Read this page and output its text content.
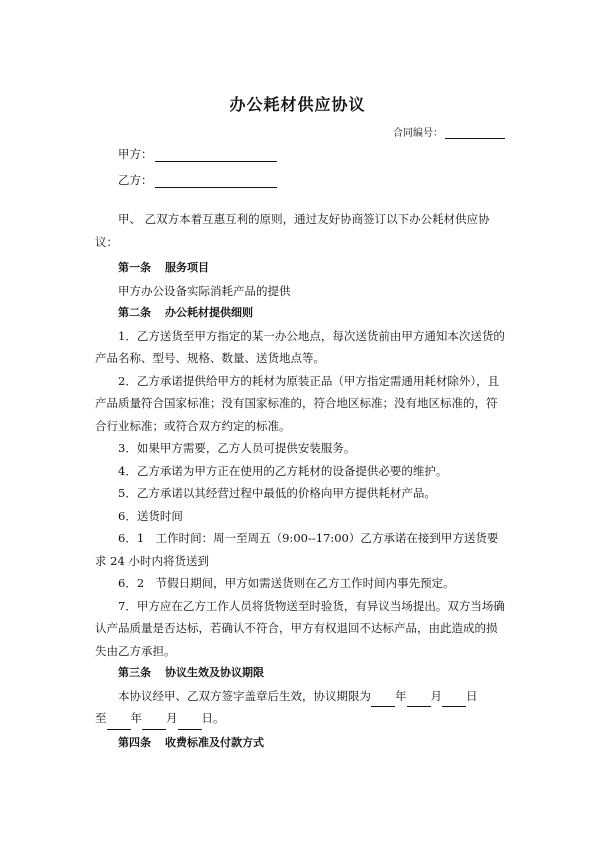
办公耗材供应协议
合同编号：
甲方：
乙方：

甲、 乙双方本着互惠互利的原则，通过友好协商签订以下办公耗材供应协议：

第一条 服务项目

甲方办公设备实际消耗产品的提供

第二条 办公耗材提供细则

1．乙方送货至甲方指定的某一办公地点，每次送货前由甲方通知本次送货的产品名称、型号、规格、数量、送货地点等。

2．乙方承诺提供给甲方的耗材为原装正品（甲方指定需通用耗材除外），且产品质量符合国家标准；没有国家标准的，符合地区标准；没有地区标准的，符合行业标准；或符合双方约定的标准。

3．如果甲方需要，乙方人员可提供安装服务。

4．乙方承诺为甲方正在使用的乙方耗材的设备提供必要的维护。

5．乙方承诺以其经营过程中最低的价格向甲方提供耗材产品。

6．送货时间

6．1　工作时间：周一至周五（9:00--17:00）乙方承诺在接到甲方送货要求 24 小时内将货送到

6．2　节假日期间，甲方如需送货则在乙方工作时间内事先预定。

7．甲方应在乙方工作人员将货物送至时验货，有异议当场提出。双方当场确认产品质量是否达标，若确认不符合，甲方有权退回不达标产品，由此造成的损失由乙方承担。

第三条 协议生效及协议期限

本协议经甲、乙双方签字盖章后生效，协议期限为 年 月 日
至 年 月 日。

第四条 收费标准及付款方式
